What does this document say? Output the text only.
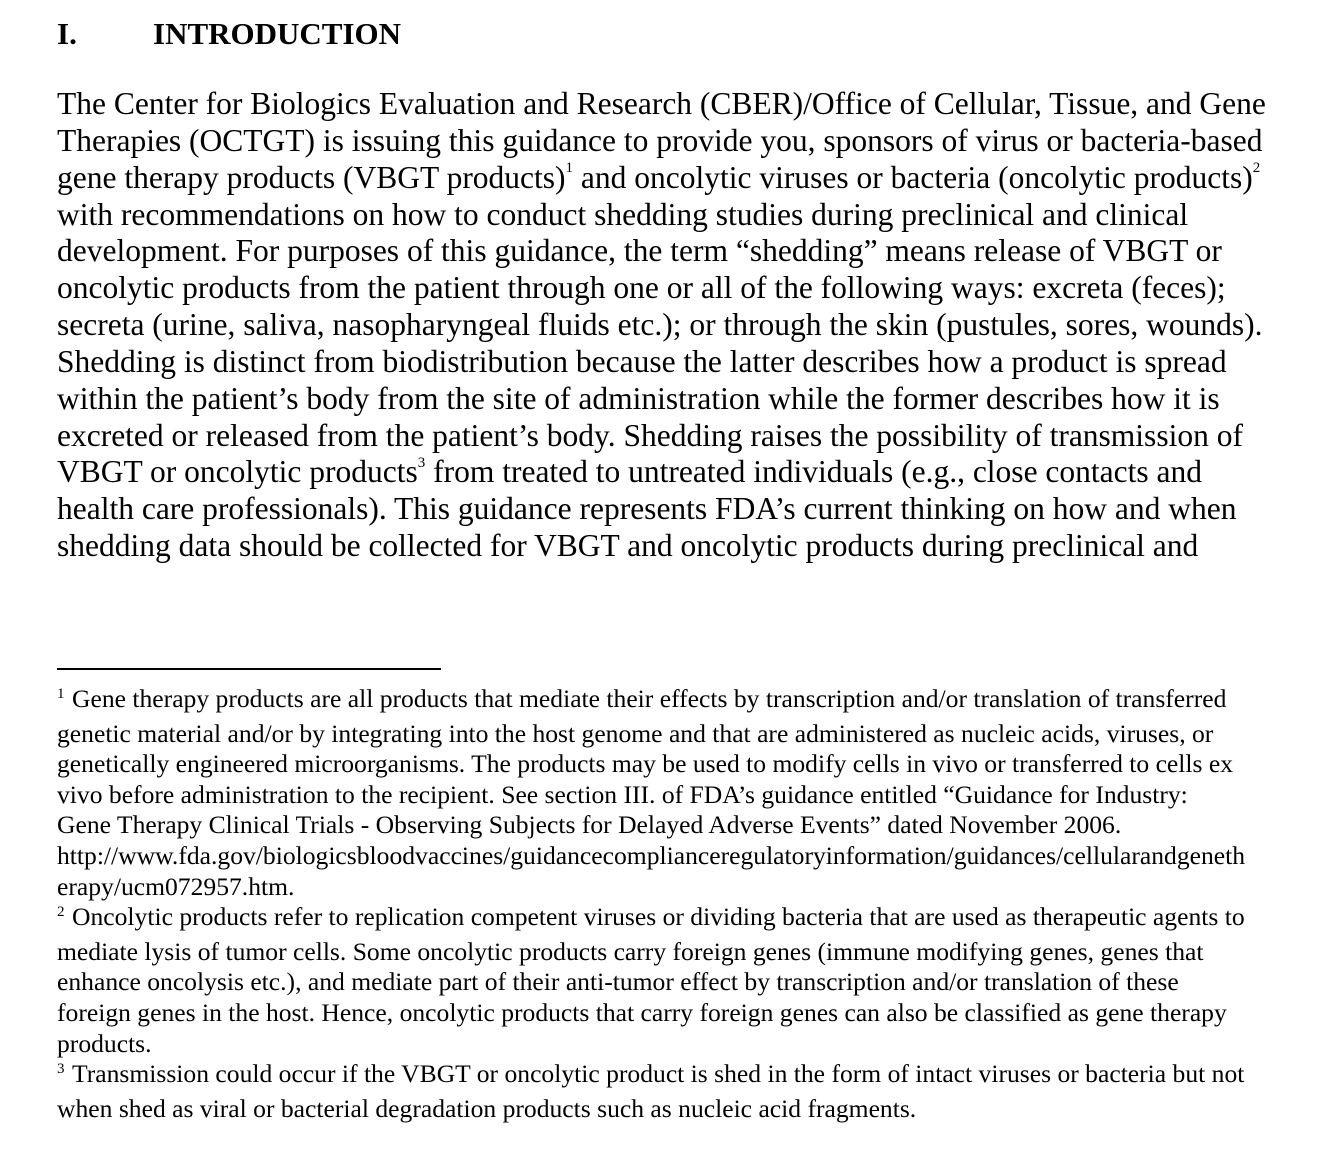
I. INTRODUCTION
The Center for Biologics Evaluation and Research (CBER)/Office of Cellular, Tissue, and Gene
Therapies (OCTGT) is issuing this guidance to provide you, sponsors of virus or bacteria-based
gene therapy products (VBGT products)$^1$ and oncolytic viruses or bacteria (oncolytic products)$^2$
with recommendations on how to conduct shedding studies during preclinical and clinical
development. For purposes of this guidance, the term “shedding” means release of VBGT or
oncolytic products from the patient through one or all of the following ways: excreta (feces);
secreta (urine, saliva, nasopharyngeal fluids etc.); or through the skin (pustules, sores, wounds).
Shedding is distinct from biodistribution because the latter describes how a product is spread
within the patient’s body from the site of administration while the former describes how it is
excreted or released from the patient’s body. Shedding raises the possibility of transmission of
VBGT or oncolytic products$^3$ from treated to untreated individuals (e.g., close contacts and
health care professionals). This guidance represents FDA’s current thinking on how and when
shedding data should be collected for VBGT and oncolytic products during preclinical and
1 Gene therapy products are all products that mediate their effects by transcription and/or translation of transferred
genetic material and/or by integrating into the host genome and that are administered as nucleic acids, viruses, or
genetically engineered microorganisms. The products may be used to modify cells in vivo or transferred to cells ex
vivo before administration to the recipient. See section III. of FDA’s guidance entitled “Guidance for Industry:
Gene Therapy Clinical Trials - Observing Subjects for Delayed Adverse Events” dated November 2006.
http://www.fda.gov/biologicsbloodvaccines/guidancecomplianceregulatoryinformation/guidances/cellularandgeneth
erapy/ucm072957.htm.
2 Oncolytic products refer to replication competent viruses or dividing bacteria that are used as therapeutic agents to
mediate lysis of tumor cells. Some oncolytic products carry foreign genes (immune modifying genes, genes that
enhance oncolysis etc.), and mediate part of their anti-tumor effect by transcription and/or translation of these
foreign genes in the host. Hence, oncolytic products that carry foreign genes can also be classified as gene therapy
products.
3 Transmission could occur if the VBGT or oncolytic product is shed in the form of intact viruses or bacteria but not
when shed as viral or bacterial degradation products such as nucleic acid fragments.
